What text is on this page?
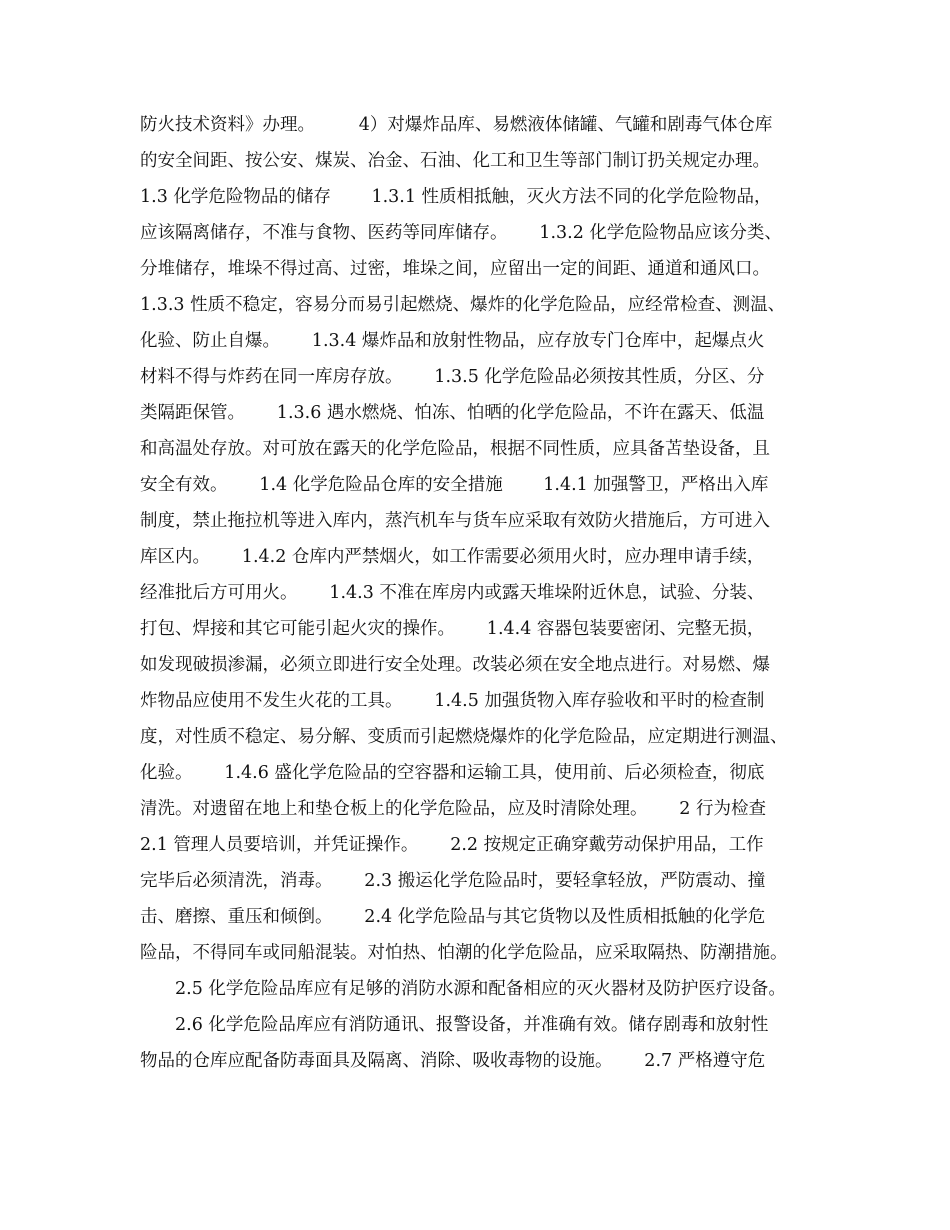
防火技术资料》办理。　　　4）对爆炸品库、易燃液体储罐、气罐和剧毒气体仓库
的安全间距、按公安、煤炭、冶金、石油、化工和卫生等部门制订扔关规定办理。
1.3 化学危险物品的储存　　 1.3.1 性质相抵触，灭火方法不同的化学危险物品，
应该隔离储存，不准与食物、医药等同库储存。　　 1.3.2 化学危险物品应该分类、
分堆储存，堆垛不得过高、过密，堆垛之间，应留出一定的间距、通道和通风口。
1.3.3 性质不稳定，容易分而易引起燃烧、爆炸的化学危险品，应经常检查、测温、
化验、防止自爆。　　 1.3.4 爆炸品和放射性物品，应存放专门仓库中，起爆点火
材料不得与炸药在同一库房存放。　　 1.3.5 化学危险品必须按其性质，分区、分
类隔距保管。　　 1.3.6 遇水燃烧、怕冻、怕晒的化学危险品，不许在露天、低温
和高温处存放。对可放在露天的化学危险品，根据不同性质，应具备苫垫设备，且
安全有效。　　 1.4 化学危险品仓库的安全措施　　 1.4.1 加强警卫，严格出入库
制度，禁止拖拉机等进入库内，蒸汽机车与货车应采取有效防火措施后，方可进入
库区内。　　 1.4.2 仓库内严禁烟火，如工作需要必须用火时，应办理申请手续，
经准批后方可用火。　　 1.4.3 不准在库房内或露天堆垛附近休息，试验、分装、
打包、焊接和其它可能引起火灾的操作。　　 1.4.4 容器包装要密闭、完整无损，
如发现破损渗漏，必须立即进行安全处理。改装必须在安全地点进行。对易燃、爆
炸物品应使用不发生火花的工具。　　 1.4.5 加强货物入库存验收和平时的检查制
度，对性质不稳定、易分解、变质而引起燃烧爆炸的化学危险品，应定期进行测温、
化验。　　 1.4.6 盛化学危险品的空容器和运输工具，使用前、后必须检查，彻底
清洗。对遗留在地上和垫仓板上的化学危险品，应及时清除处理。　　 2 行为检查
2.1 管理人员要培训，并凭证操作。　　 2.2 按规定正确穿戴劳动保护用品，工作
完毕后必须清洗，消毒。　　 2.3 搬运化学危险品时，要轻拿轻放，严防震动、撞
击、磨擦、重压和倾倒。　　 2.4 化学危险品与其它货物以及性质相抵触的化学危
险品，不得同车或同船混装。对怕热、怕潮的化学危险品，应采取隔热、防潮措施。
　　2.5 化学危险品库应有足够的消防水源和配备相应的灭火器材及防护医疗设备。
　　2.6 化学危险品库应有消防通讯、报警设备，并准确有效。储存剧毒和放射性
物品的仓库应配备防毒面具及隔离、消除、吸收毒物的设施。　　 2.7 严格遵守危
